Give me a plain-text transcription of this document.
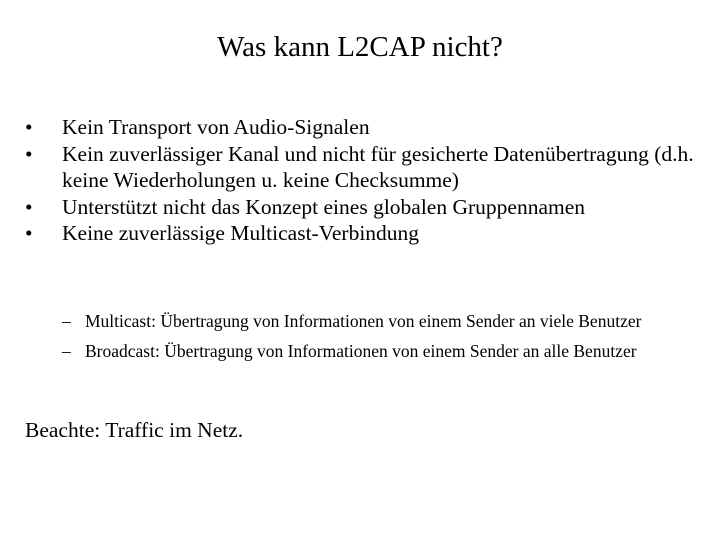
Was kann L2CAP nicht?
•	Kein Transport von Audio-Signalen
•	Kein zuverlässiger Kanal und nicht für gesicherte Datenübertragung (d.h. keine Wiederholungen u. keine Checksumme)
•	Unterstützt nicht das Konzept eines globalen Gruppennamen
•	Keine zuverlässige Multicast-Verbindung
– Multicast: Übertragung von Informationen von einem Sender an viele Benutzer
– Broadcast: Übertragung von Informationen von einem Sender an alle Benutzer

Beachte: Traffic im Netz.
